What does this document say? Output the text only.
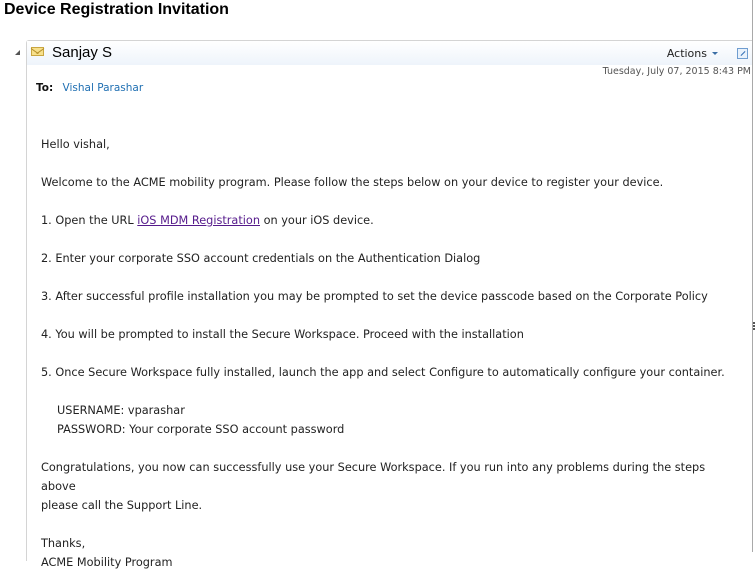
Device Registration Invitation
Sanjay S	Actions
Tuesday, July 07, 2015 8:43 PM
To: Vishal Parashar

Hello vishal,

Welcome to the ACME mobility program. Please follow the steps below on your device to register your device.

1. Open the URL iOS MDM Registration on your iOS device.

2. Enter your corporate SSO account credentials on the Authentication Dialog

3. After successful profile installation you may be prompted to set the device passcode based on the Corporate Policy

4. You will be prompted to install the Secure Workspace. Proceed with the installation

5. Once Secure Workspace fully installed, launch the app and select Configure to automatically configure your container.

USERNAME: vparashar

PASSWORD: Your corporate SSO account password

Congratulations, you now can successfully use your Secure Workspace. If you run into any problems during the steps above

please call the Support Line.

Thanks,

ACME Mobility Program
